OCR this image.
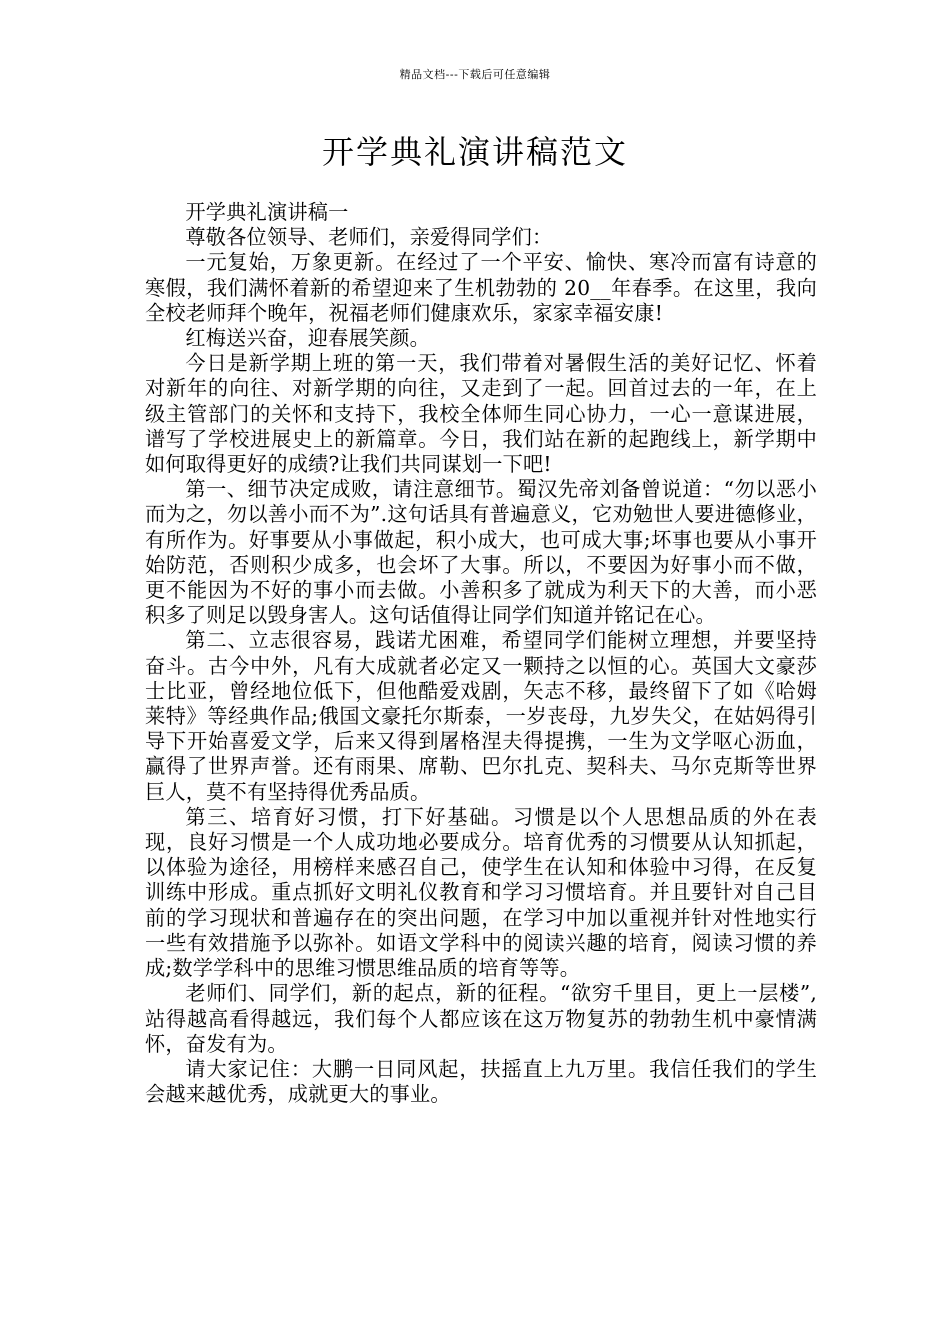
精品文档---下载后可任意编辑
开学典礼演讲稿范文

开学典礼演讲稿一

尊敬各位领导、老师们，亲爱得同学们：

一元复始，万象更新。在经过了一个平安、愉快、寒冷而富有诗意的寒假，我们满怀着新的希望迎来了生机勃勃的 20__年春季。在这里，我向全校老师拜个晚年，祝福老师们健康欢乐，家家幸福安康!

红梅送兴奋，迎春展笑颜。

今日是新学期上班的第一天，我们带着对暑假生活的美好记忆、怀着对新年的向往、对新学期的向往，又走到了一起。回首过去的一年，在上级主管部门的关怀和支持下，我校全体师生同心协力，一心一意谋进展，谱写了学校进展史上的新篇章。今日，我们站在新的起跑线上，新学期中如何取得更好的成绩?让我们共同谋划一下吧!

第一、细节决定成败，请注意细节。蜀汉先帝刘备曾说道：“勿以恶小而为之，勿以善小而不为”.这句话具有普遍意义，它劝勉世人要进德修业，有所作为。好事要从小事做起，积小成大，也可成大事;坏事也要从小事开始防范，否则积少成多，也会坏了大事。所以，不要因为好事小而不做，更不能因为不好的事小而去做。小善积多了就成为利天下的大善，而小恶积多了则足以毁身害人。这句话值得让同学们知道并铭记在心。

第二、立志很容易，践诺尤困难，希望同学们能树立理想，并要坚持奋斗。古今中外，凡有大成就者必定又一颗持之以恒的心。英国大文豪莎士比亚，曾经地位低下，但他酷爱戏剧，矢志不移，最终留下了如《哈姆莱特》等经典作品;俄国文豪托尔斯泰，一岁丧母，九岁失父，在姑妈得引导下开始喜爱文学，后来又得到屠格涅夫得提携，一生为文学呕心沥血，赢得了世界声誉。还有雨果、席勒、巴尔扎克、契科夫、马尔克斯等世界巨人，莫不有坚持得优秀品质。

第三、培育好习惯，打下好基础。习惯是以个人思想品质的外在表现，良好习惯是一个人成功地必要成分。培育优秀的习惯要从认知抓起，以体验为途径，用榜样来感召自己，使学生在认知和体验中习得，在反复训练中形成。重点抓好文明礼仪教育和学习习惯培育。并且要针对自己目前的学习现状和普遍存在的突出问题，在学习中加以重视并针对性地实行一些有效措施予以弥补。如语文学科中的阅读兴趣的培育，阅读习惯的养成;数学学科中的思维习惯思维品质的培育等等。

老师们、同学们，新的起点，新的征程。“欲穷千里目，更上一层楼”,站得越高看得越远，我们每个人都应该在这万物复苏的勃勃生机中豪情满怀，奋发有为。

请大家记住：大鹏一日同风起，扶摇直上九万里。我信任我们的学生会越来越优秀，成就更大的事业。
